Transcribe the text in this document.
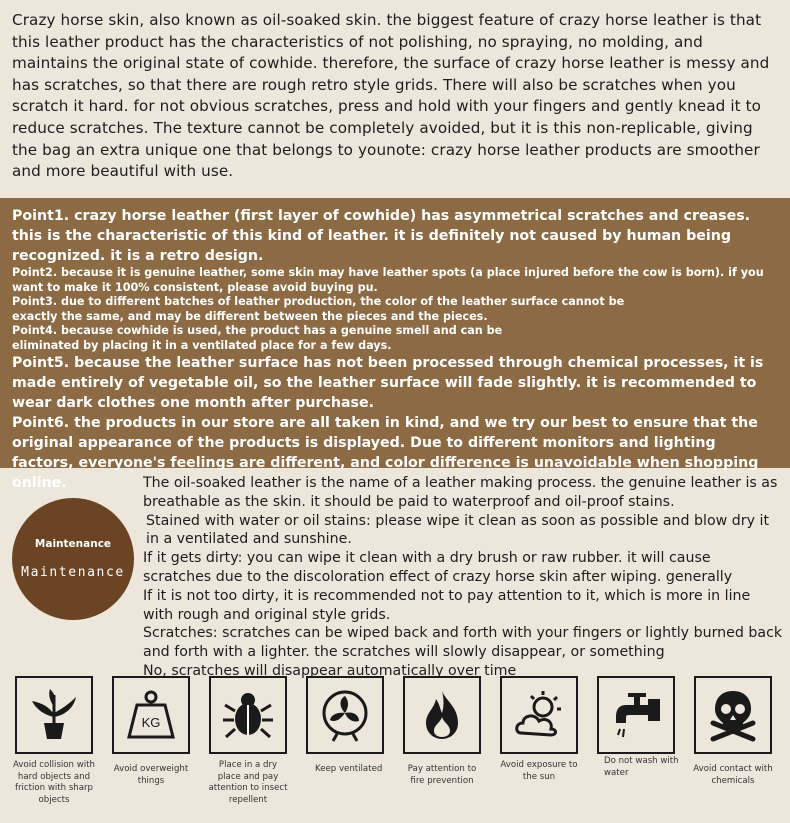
Crazy horse skin, also known as oil-soaked skin. the biggest feature of crazy horse leather is that this leather product has the characteristics of not polishing, no spraying, no molding, and maintains the original state of cowhide. therefore, the surface of crazy horse leather is messy and has scratches, so that there are rough retro style grids. There will also be scratches when you scratch it hard. for not obvious scratches, press and hold with your fingers and gently knead it to reduce scratches. The texture cannot be completely avoided, but it is this non-replicable, giving the bag an extra unique one that belongs to younote: crazy horse leather products are smoother and more beautiful with use.

Point1. crazy horse leather (first layer of cowhide) has asymmetrical scratches and creases. this is the characteristic of this kind of leather. it is definitely not caused by human being recognized. it is a retro design.

Point2. because it is genuine leather, some skin may have leather spots (a place injured before the cow is born). if you want to make it 100% consistent, please avoid buying pu.

Point3. due to different batches of leather production, the color of the leather surface cannot be exactly the same, and may be different between the pieces and the pieces.

Point4. because cowhide is used, the product has a genuine smell and can be eliminated by placing it in a ventilated place for a few days.

Point5. because the leather surface has not been processed through chemical processes, it is made entirely of vegetable oil, so the leather surface will fade slightly. it is recommended to wear dark clothes one month after purchase.

Point6. the products in our store are all taken in kind, and we try our best to ensure that the original appearance of the products is displayed. Due to different monitors and lighting factors, everyone's feelings are different, and color difference is unavoidable when shopping online.

Maintenance
Maintenance

The oil-soaked leather is the name of a leather making process. the genuine leather is as breathable as the skin. it should be paid to waterproof and oil-proof stains.

Stained with water or oil stains: please wipe it clean as soon as possible and blow dry it in a ventilated and sunshine.

If it gets dirty: you can wipe it clean with a dry brush or raw rubber. it will cause scratches due to the discoloration effect of crazy horse skin after wiping. generally

If it is not too dirty, it is recommended not to pay attention to it, which is more in line with rough and original style grids.

Scratches: scratches can be wiped back and forth with your fingers or lightly burned back and forth with a lighter. the scratches will slowly disappear, or something

No, scratches will disappear automatically over time

Avoid collision with hard objects and friction with sharp objects
KG
Avoid overweight things
Place in a dry place and pay attention to insect repellent
Keep ventilated	Pay attention to fire prevention
Avoid exposure to the sun
Do not wash with water	Avoid contact with chemicals
